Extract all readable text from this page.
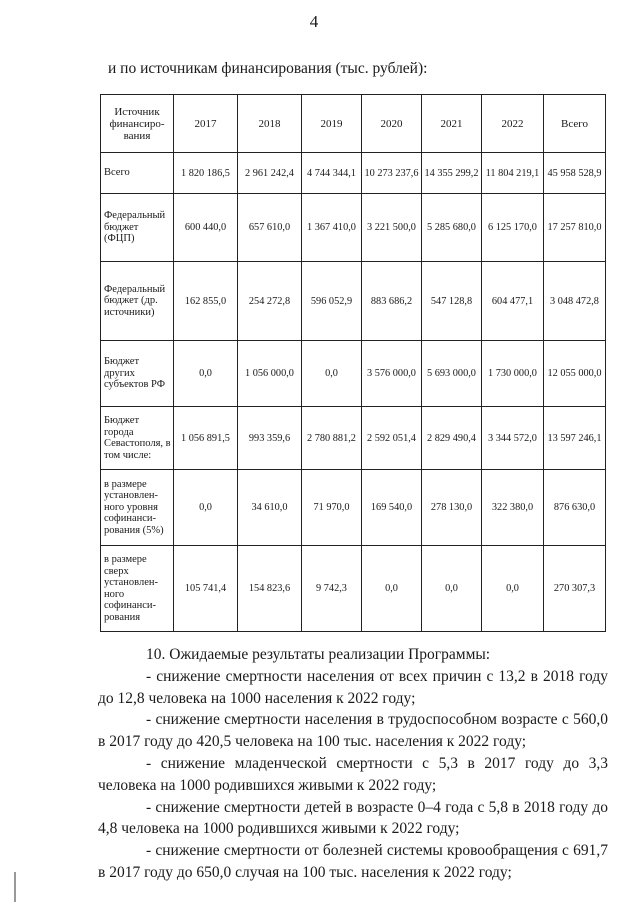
4
и по источникам финансирования (тыс. рублей):
Источник финансиро-вания	2017	2018	2019	2020	2021	2022	Всего
Всего	1 820 186,5	2 961 242,4	4 744 344,1	10 273 237,6	14 355 299,2	11 804 219,1	45 958 528,9
Федеральный бюджет (ФЦП)	600 440,0	657 610,0	1 367 410,0	3 221 500,0	5 285 680,0	6 125 170,0	17 257 810,0
Федеральный бюджет (др. источники)	162 855,0	254 272,8	596 052,9	883 686,2	547 128,8	604 477,1	3 048 472,8
Бюджет других субъектов РФ	0,0	1 056 000,0	0,0	3 576 000,0	5 693 000,0	1 730 000,0	12 055 000,0
Бюджет города Севастополя, в том числе:	1 056 891,5	993 359,6	2 780 881,2	2 592 051,4	2 829 490,4	3 344 572,0	13 597 246,1
в размере установлен-ного уровня софинанси-рования (5%)	0,0	34 610,0	71 970,0	169 540,0	278 130,0	322 380,0	876 630,0
в размере сверх установлен-ного софинанси-рования	105 741,4	154 823,6	9 742,3	0,0	0,0	0,0	270 307,3
10. Ожидаемые результаты реализации Программы:
- снижение смертности населения от всех причин с 13,2 в 2018 году до 12,8 человека на 1000 населения к 2022 году;
- снижение смертности населения в трудоспособном возрасте с 560,0 в 2017 году до 420,5 человека на 100 тыс. населения к 2022 году;
- снижение младенческой смертности с 5,3 в 2017 году до 3,3 человека на 1000 родившихся живыми к 2022 году;
- снижение смертности детей в возрасте 0–4 года с 5,8 в 2018 году до 4,8 человека на 1000 родившихся живыми к 2022 году;
- снижение смертности от болезней системы кровообращения с 691,7 в 2017 году до 650,0 случая на 100 тыс. населения к 2022 году;
